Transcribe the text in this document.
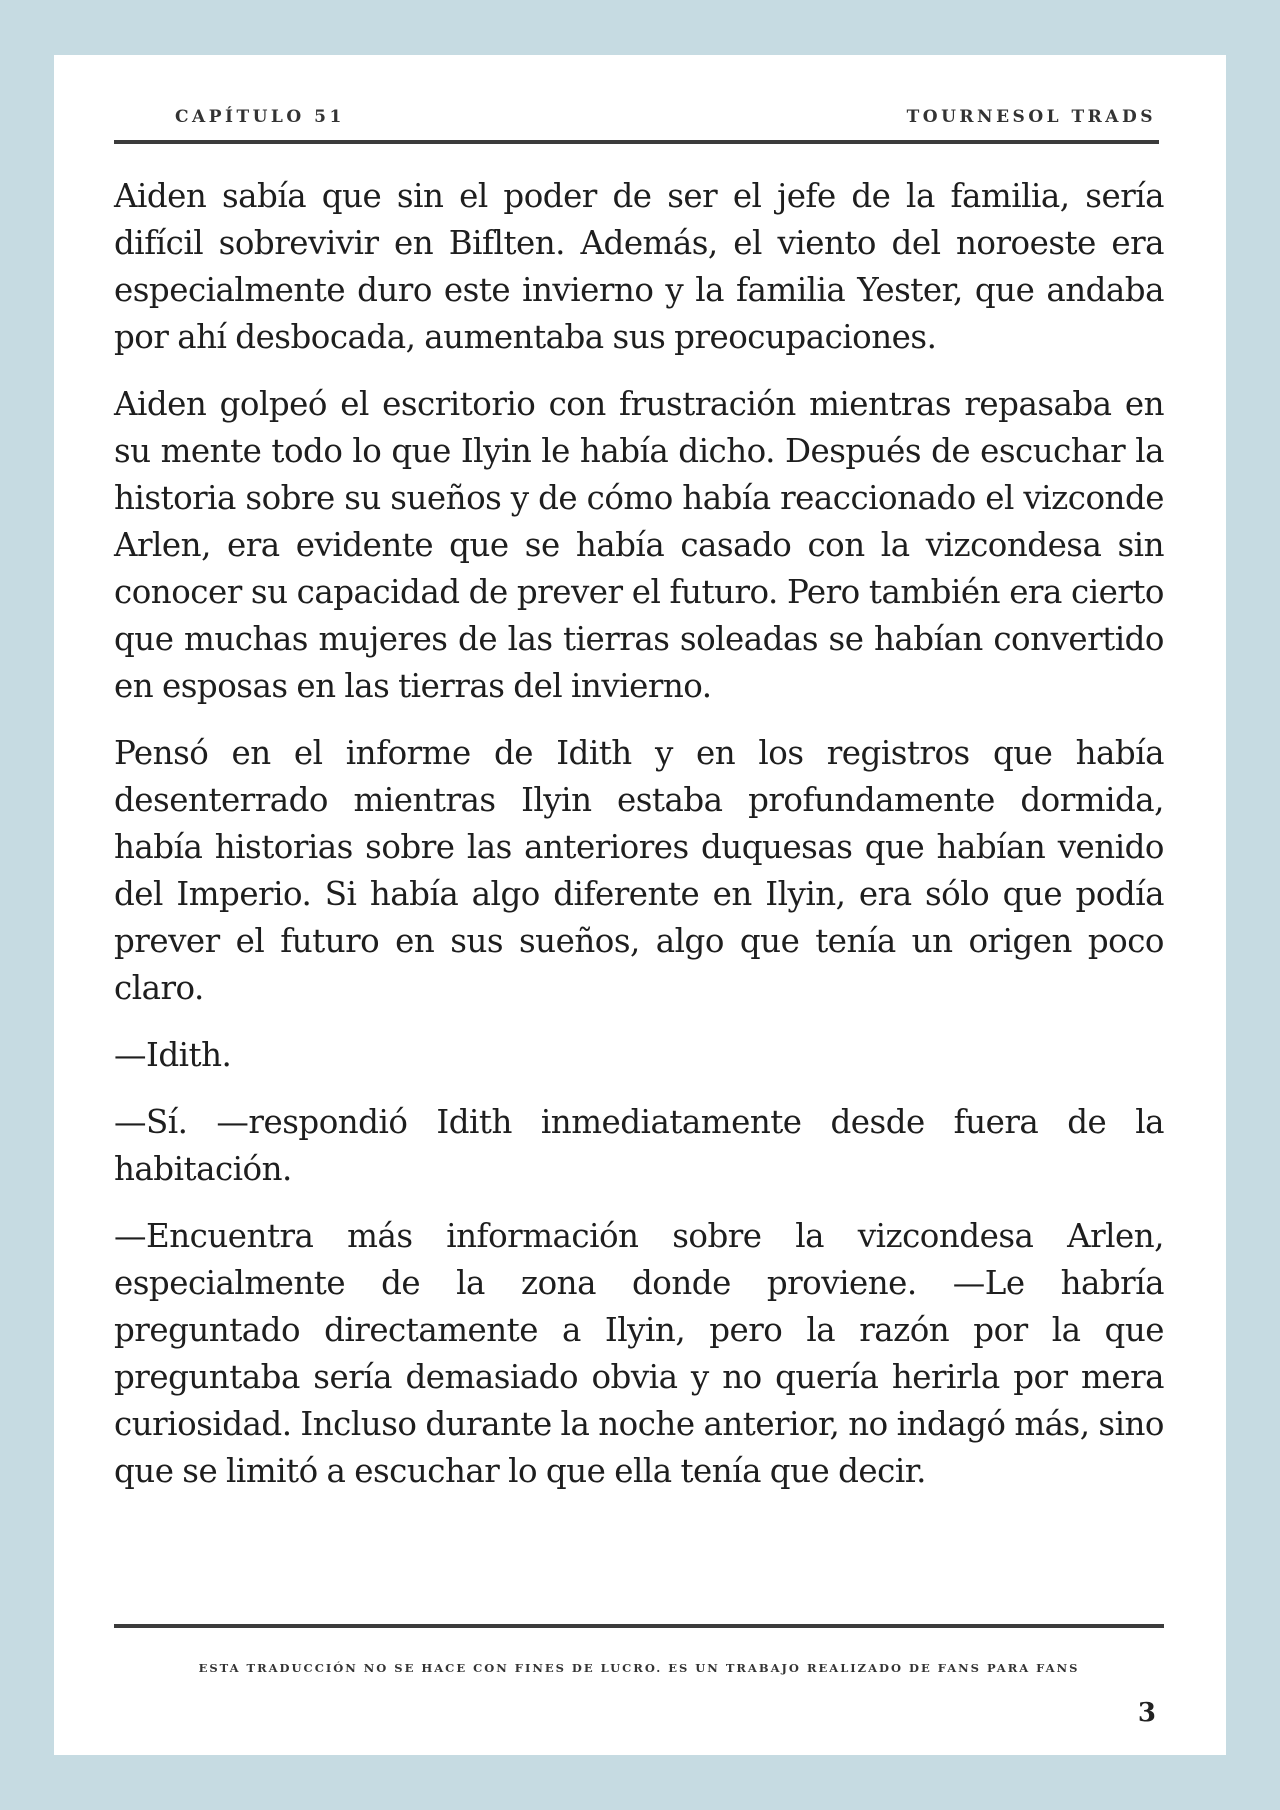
CAPÍTULO 51	TOURNESOL TRADS

Aiden sabía que sin el poder de ser el jefe de la familia, sería difícil sobrevivir en Biflten. Además, el viento del noroeste era especialmente duro este invierno y la familia Yester, que andaba por ahí desbocada, aumentaba sus preocupaciones.

Aiden golpeó el escritorio con frustración mientras repasaba en su mente todo lo que Ilyin le había dicho. Después de escuchar la historia sobre su sueños y de cómo había reaccionado el vizconde Arlen, era evidente que se había casado con la vizcondesa sin conocer su capacidad de prever el futuro. Pero también era cierto que muchas mujeres de las tierras soleadas se habían convertido en esposas en las tierras del invierno.

Pensó en el informe de Idith y en los registros que había desenterrado mientras Ilyin estaba profundamente dormida, había historias sobre las anteriores duquesas que habían venido del Imperio. Si había algo diferente en Ilyin, era sólo que podía prever el futuro en sus sueños, algo que tenía un origen poco claro.

—Idith.

—Sí. —respondió Idith inmediatamente desde fuera de la habitación.

—Encuentra más información sobre la vizcondesa Arlen, especialmente de la zona donde proviene. —Le habría preguntado directamente a Ilyin, pero la razón por la que preguntaba sería demasiado obvia y no quería herirla por mera curiosidad. Incluso durante la noche anterior, no indagó más, sino que se limitó a escuchar lo que ella tenía que decir.

ESTA TRADUCCIÓN NO SE HACE CON FINES DE LUCRO. ES UN TRABAJO REALIZADO DE FANS PARA FANS
3
